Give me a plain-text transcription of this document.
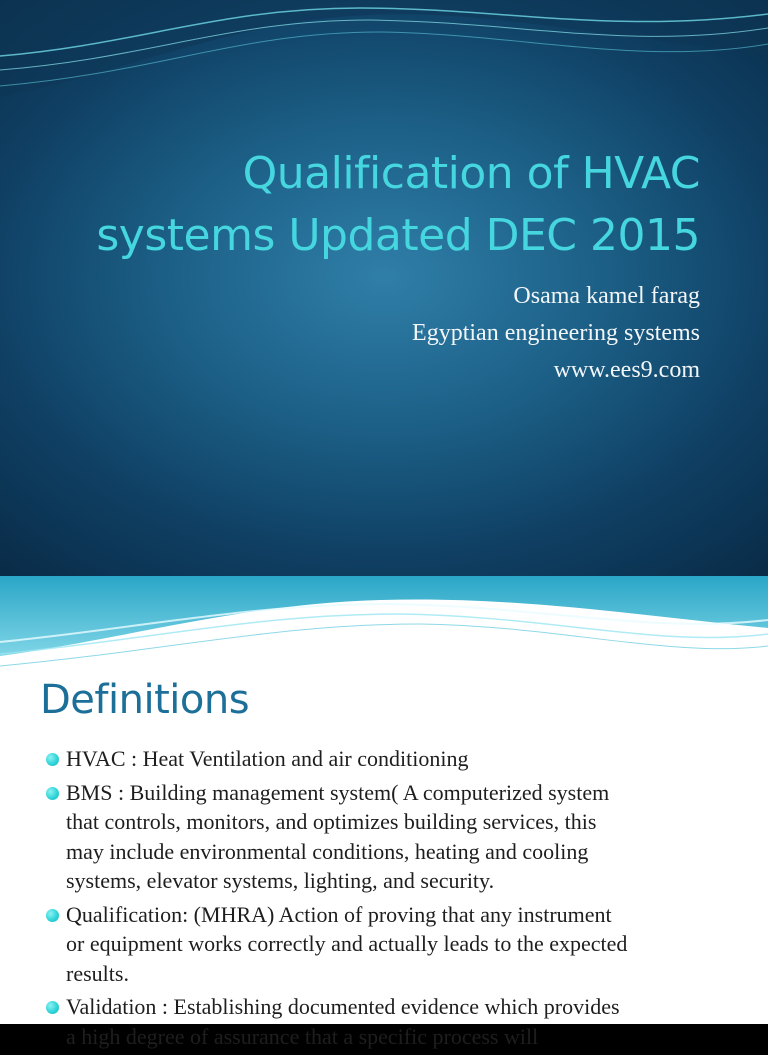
Qualification of HVAC
systems Updated DEC 2015
Osama kamel farag
Egyptian engineering systems
www.ees9.com
Definitions
HVAC : Heat Ventilation and air conditioning
BMS : Building management system( A computerized system
that controls, monitors, and optimizes building services, this
may include environmental conditions, heating and cooling
systems, elevator systems, lighting, and security.
Qualification: (MHRA) Action of proving that any instrument
or equipment works correctly and actually leads to the expected
results.
Validation : Establishing documented evidence which provides
a high degree of assurance that a specific process will
